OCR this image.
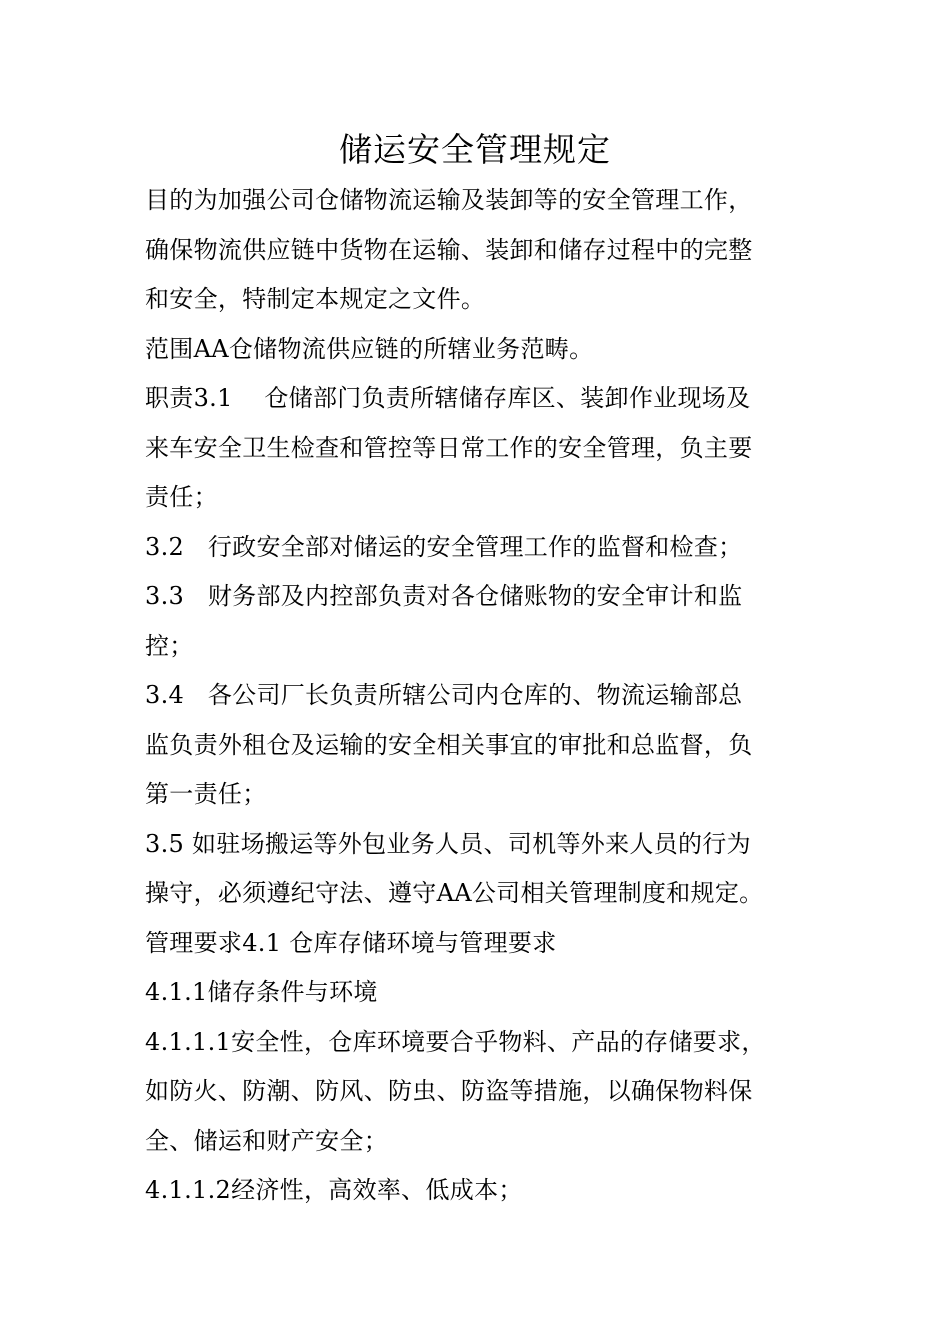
储运安全管理规定

目的为加强公司仓储物流运输及装卸等的安全管理工作，
确保物流供应链中货物在运输、装卸和储存过程中的完整
和安全，特制定本规定之文件。

范围AA仓储物流供应链的所辖业务范畴。

职责3.1    仓储部门负责所辖储存库区、装卸作业现场及
来车安全卫生检查和管控等日常工作的安全管理，负主要
责任；

3.2   行政安全部对储运的安全管理工作的监督和检查；

3.3   财务部及内控部负责对各仓储账物的安全审计和监
控；

3.4   各公司厂长负责所辖公司内仓库的、物流运输部总
监负责外租仓及运输的安全相关事宜的审批和总监督，负
第一责任；

3.5 如驻场搬运等外包业务人员、司机等外来人员的行为
操守，必须遵纪守法、遵守AA公司相关管理制度和规定。

管理要求4.1 仓库存储环境与管理要求

4.1.1储存条件与环境

4.1.1.1安全性，仓库环境要合乎物料、产品的存储要求，
如防火、防潮、防风、防虫、防盗等措施，以确保物料保
全、储运和财产安全；

4.1.1.2经济性，高效率、低成本；
